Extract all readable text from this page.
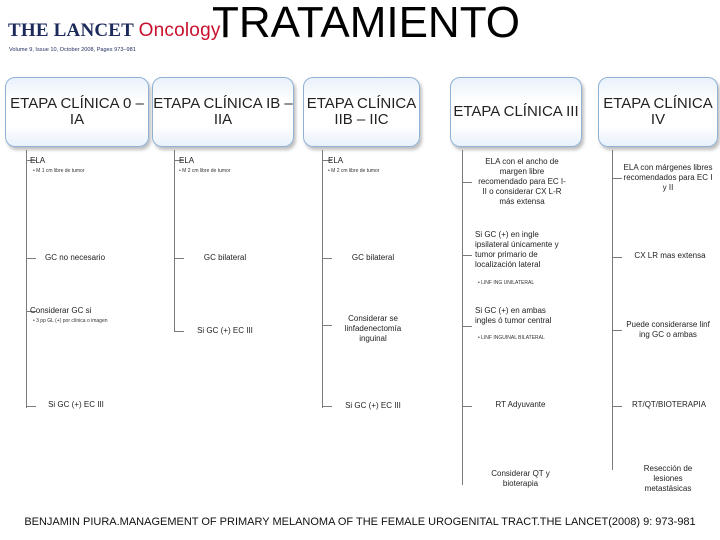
THE LANCET Oncology
Volume 9, Issue 10, October 2008, Pages 973–981
TRATAMIENTO
ETAPA CLÍNICA 0 – IA
ETAPA CLÍNICA IB – IIA
ETAPA CLÍNICA IIB – IIC	ETAPA CLÍNICA III	ETAPA CLÍNICA IV
ELA
• M 1 cm libre de tumor
GC no necesario
Considerar GC si
• 3 pp GL (+) por clínica o imagen
Si GC (+) EC III
ELA
• M 2 cm libre de tumor
GC bilateral
Si GC (+) EC III
ELA
• M 2 cm libre de tumor
GC bilateral
Considerar se linfadenectomía inguinal
Si GC (+) EC III
ELA con el ancho de margen libre recomendado para EC I-II o considerar CX L-R más extensa
Si GC (+) en ingle ipsilateral únicamente y tumor primario de localización lateral
• LINF ING UNILATERAL
Si GC (+) en ambas ingles ó tumor central
• LINF INGUINAL BILATERAL
RT Adyuvante
Considerar QT y bioterapia
ELA con márgenes libres recomendados para EC I y II
CX LR mas extensa
Puede considerarse linf ing GC o ambas
RT/QT/BIOTERAPIA
Resección de lesiones metastásicas
BENJAMIN PIURA.MANAGEMENT OF PRIMARY MELANOMA OF THE FEMALE UROGENITAL TRACT.THE LANCET(2008) 9: 973-981
